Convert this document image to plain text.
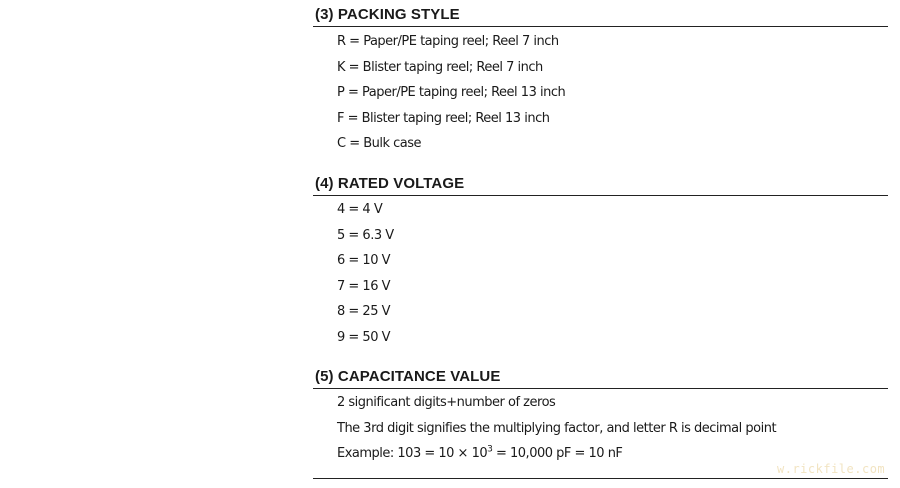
(3) PACKING STYLE
R = Paper/PE taping reel; Reel 7 inch
K = Blister taping reel; Reel 7 inch
P = Paper/PE taping reel; Reel 13 inch
F = Blister taping reel; Reel 13 inch
C = Bulk case
(4) RATED VOLTAGE
4 = 4 V
5 = 6.3 V
6 = 10 V
7 = 16 V
8 = 25 V
9 = 50 V
(5) CAPACITANCE VALUE
2 significant digits+number of zeros
The 3rd digit signifies the multiplying factor, and letter R is decimal point
Example: $103 = 10 \times 10^3 = 10,000$ pF = 10 nF
w.rickfile.com
